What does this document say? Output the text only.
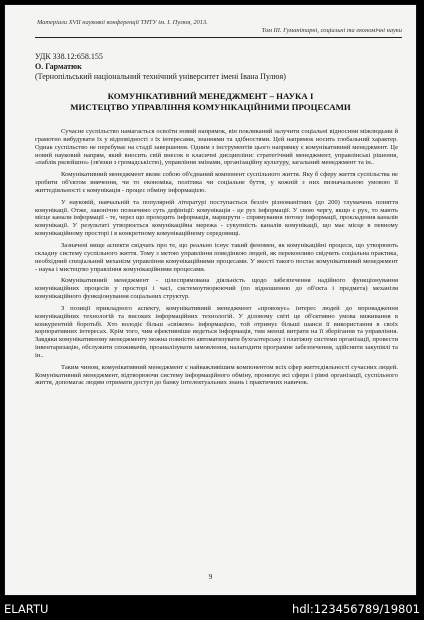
Матеріали XVII наукової конференції ТНТУ ім. І. Пулюя, 2013.
Том ІІІ. Гуманітарні, соціальні та економічні науки
УДК 338.12:658.155
О. Гарматюк
(Тернопільський національний технічний університет імені Івана Пулюя)
КОМУНІКАТИВНИЙ МЕНЕДЖМЕНТ – НАУКА І
МИСТЕЦТВО УПРАВЛІННЯ КОМУНІКАЦІЙНИМИ ПРОЦЕСАМИ

Сучасне суспільство намагається освоїти новий напрямок, він покликаний залучити соціальні відносини міжлюдьми й грамотно вибудувати їх у відповідності з їх інтересами, знаннями та здібностями. Цей напрямок носить глобальний характер. Однак суспільство не перебуває на стадії завершення. Одним з інструментів цього напрямку є комунікативний менеджмент. Це новий науковий напрям, який вносить свій внесок в класичні дисципліни: стратегічний менеджмент, управлінські рішення, «паблік рилейшнз» (зв'язки з громадськістю), управління змінами, організаційну культуру, загальний менеджмент та ін..

Комунікативний менеджмент являє собою об'єднаний компонент суспільного життя. Яку б сферу життя суспільства не зробити об'єктом вивчення, чи то економіка, політика чи соціальне буття, у кожній з них визначальною умовою її життєдіяльності є комунікація - процес обміну інформацією.

У науковій, навчальній та популярній літературі поступається безліч різноманітних (до 200) тлумачень поняття комунікації. Отже, лаконічно позначимо суть дефініції: комунікація - це рух інформації. У свою чергу, якщо є рух, то мають місце канали інформації - те, через що проходить інформація, маршрути - спрямування потоку інформації, прокладення каналів комунікації. У результаті утворюється комунікаційна мережа - сукупність каналів комунікації, що має місце в певному комунікаційному просторі і в конкретному комунікаційному середовищі.

Зазначені вище аспекти свідчать про те, що реально існує такий феномен, як комунікаційні процеси, що утворюють складну систему суспільного життя. Тому з метою управління поведінкою людей, як переконливо свідчить соціальна практика, необхідний спеціальний механізм управління комунікаційними процесами. У якості такого постає комунікативний менеджмент - наука і мистецтво управління комунікаційними процесами.

Комунікативний менеджмент - цілеспрямована діяльність щодо забезпечення надійного функціонування комунікаційних процесів у просторі і часі, системоутворюючий (по відношенню до об'єкта і предмета) механізм комунікаційного функціонування соціальних структур.

З позиції прикладного аспекту, комунікативний менеджмент «провокує» інтерес людей до впровадження комунікаційних технологій та високих інформаційних технологій. У діловому світі це об'єктивно умова виживання в конкурентній боротьбі. Хто володіє більш «свіжою» інформацією, той отримує більші шанси її використання в своїх корпоративних інтересах. Крім того, чим ефективніше ведеться інформація, тим менші витрати на її зберігання та управління. Завдяки комунікативному менеджменту можна повністю автоматизувати бухгалтерську і платіжну системи організації, провести інвентаризацію, обслужити споживачів, проаналізувати замовлення, налагодити програмне забезпечення, здійснити закупівлі та ін..

Таким чином, комунікативний менеджмент є найважливішим компонентом всіх сфер життєдіяльності сучасних людей. Комунікативний менеджмент, відтворюючи систему інформаційного обміну, пронизує всі сфери і рівні організації, суспільного життя, допомагає людям отримати доступ до банку інтелектуальних знань і практичних навичок.

9
ELARTU	hdl:123456789/19801
